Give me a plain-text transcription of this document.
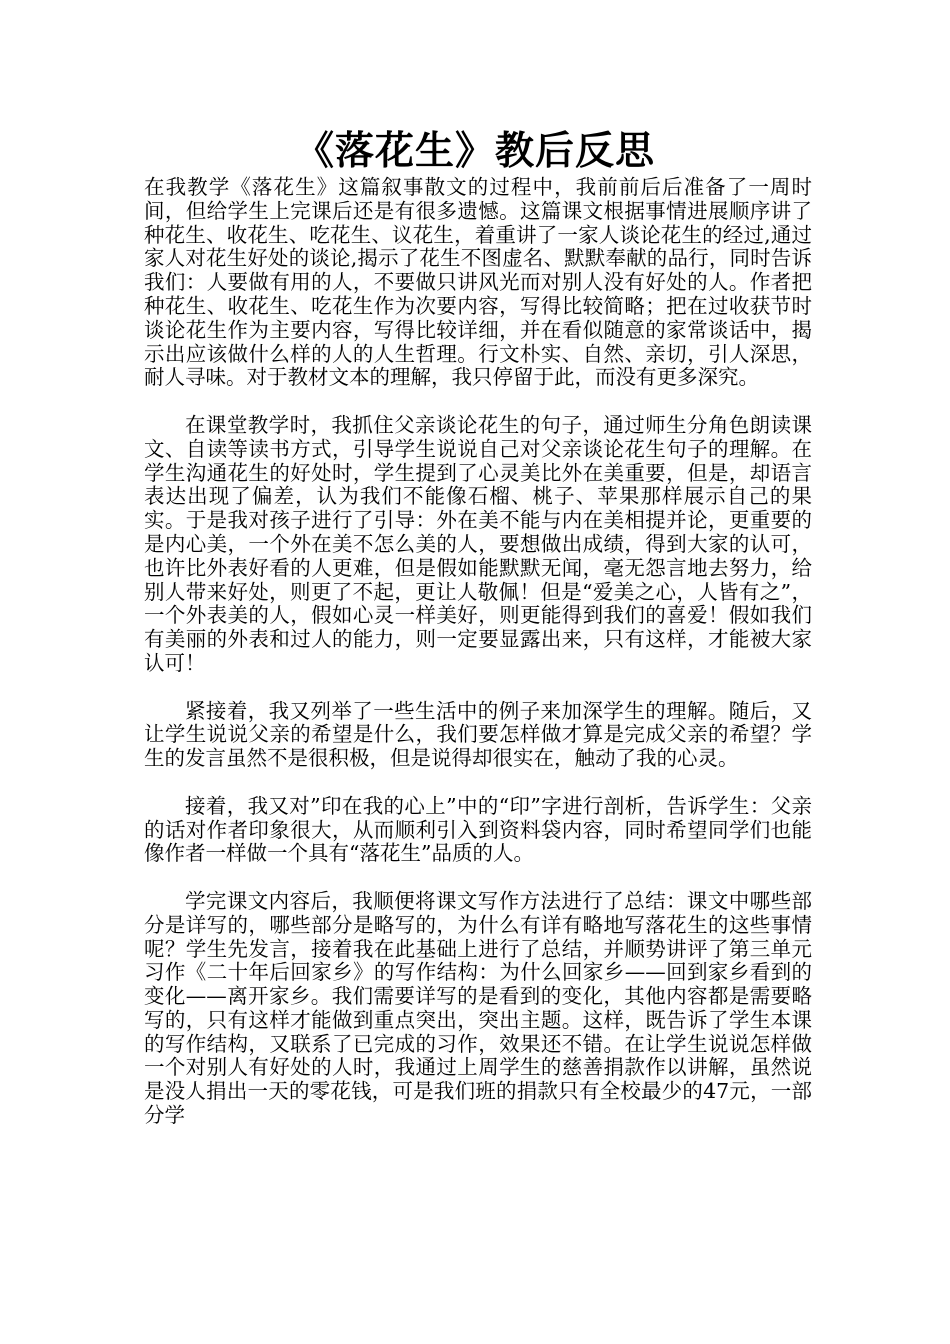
《落花生》教后反思

在我教学《落花生》这篇叙事散文的过程中，我前前后后准备了一周时间，但给学生上完课后还是有很多遗憾。这篇课文根据事情进展顺序讲了种花生、收花生、吃花生、议花生，着重讲了一家人谈论花生的经过,通过家人对花生好处的谈论,揭示了花生不图虚名、默默奉献的品行，同时告诉我们：人要做有用的人，不要做只讲风光而对别人没有好处的人。作者把种花生、收花生、吃花生作为次要内容，写得比较简略；把在过收获节时谈论花生作为主要内容，写得比较详细，并在看似随意的家常谈话中，揭示出应该做什么样的人的人生哲理。行文朴实、自然、亲切，引人深思，耐人寻味。对于教材文本的理解，我只停留于此，而没有更多深究。

在课堂教学时，我抓住父亲谈论花生的句子，通过师生分角色朗读课文、自读等读书方式，引导学生说说自己对父亲谈论花生句子的理解。在学生沟通花生的好处时，学生提到了心灵美比外在美重要，但是，却语言表达出现了偏差，认为我们不能像石榴、桃子、苹果那样展示自己的果实。于是我对孩子进行了引导：外在美不能与内在美相提并论，更重要的是内心美，一个外在美不怎么美的人，要想做出成绩，得到大家的认可，也许比外表好看的人更难，但是假如能默默无闻，毫无怨言地去努力，给别人带来好处，则更了不起，更让人敬佩！但是“爱美之心，人皆有之”，一个外表美的人，假如心灵一样美好，则更能得到我们的喜爱！假如我们有美丽的外表和过人的能力，则一定要显露出来，只有这样，才能被大家认可！

紧接着，我又列举了一些生活中的例子来加深学生的理解。随后，又让学生说说父亲的希望是什么，我们要怎样做才算是完成父亲的希望？学生的发言虽然不是很积极，但是说得却很实在，触动了我的心灵。

接着，我又对”印在我的心上”中的“印”字进行剖析，告诉学生：父亲的话对作者印象很大，从而顺利引入到资料袋内容，同时希望同学们也能像作者一样做一个具有“落花生”品质的人。

学完课文内容后，我顺便将课文写作方法进行了总结：课文中哪些部分是详写的，哪些部分是略写的，为什么有详有略地写落花生的这些事情呢？学生先发言，接着我在此基础上进行了总结，并顺势讲评了第三单元习作《二十年后回家乡》的写作结构：为什么回家乡——回到家乡看到的变化——离开家乡。我们需要详写的是看到的变化，其他内容都是需要略写的，只有这样才能做到重点突出，突出主题。这样，既告诉了学生本课的写作结构，又联系了已完成的习作，效果还不错。在让学生说说怎样做一个对别人有好处的人时，我通过上周学生的慈善捐款作以讲解，虽然说是没人捐出一天的零花钱，可是我们班的捐款只有全校最少的47元，一部分学
